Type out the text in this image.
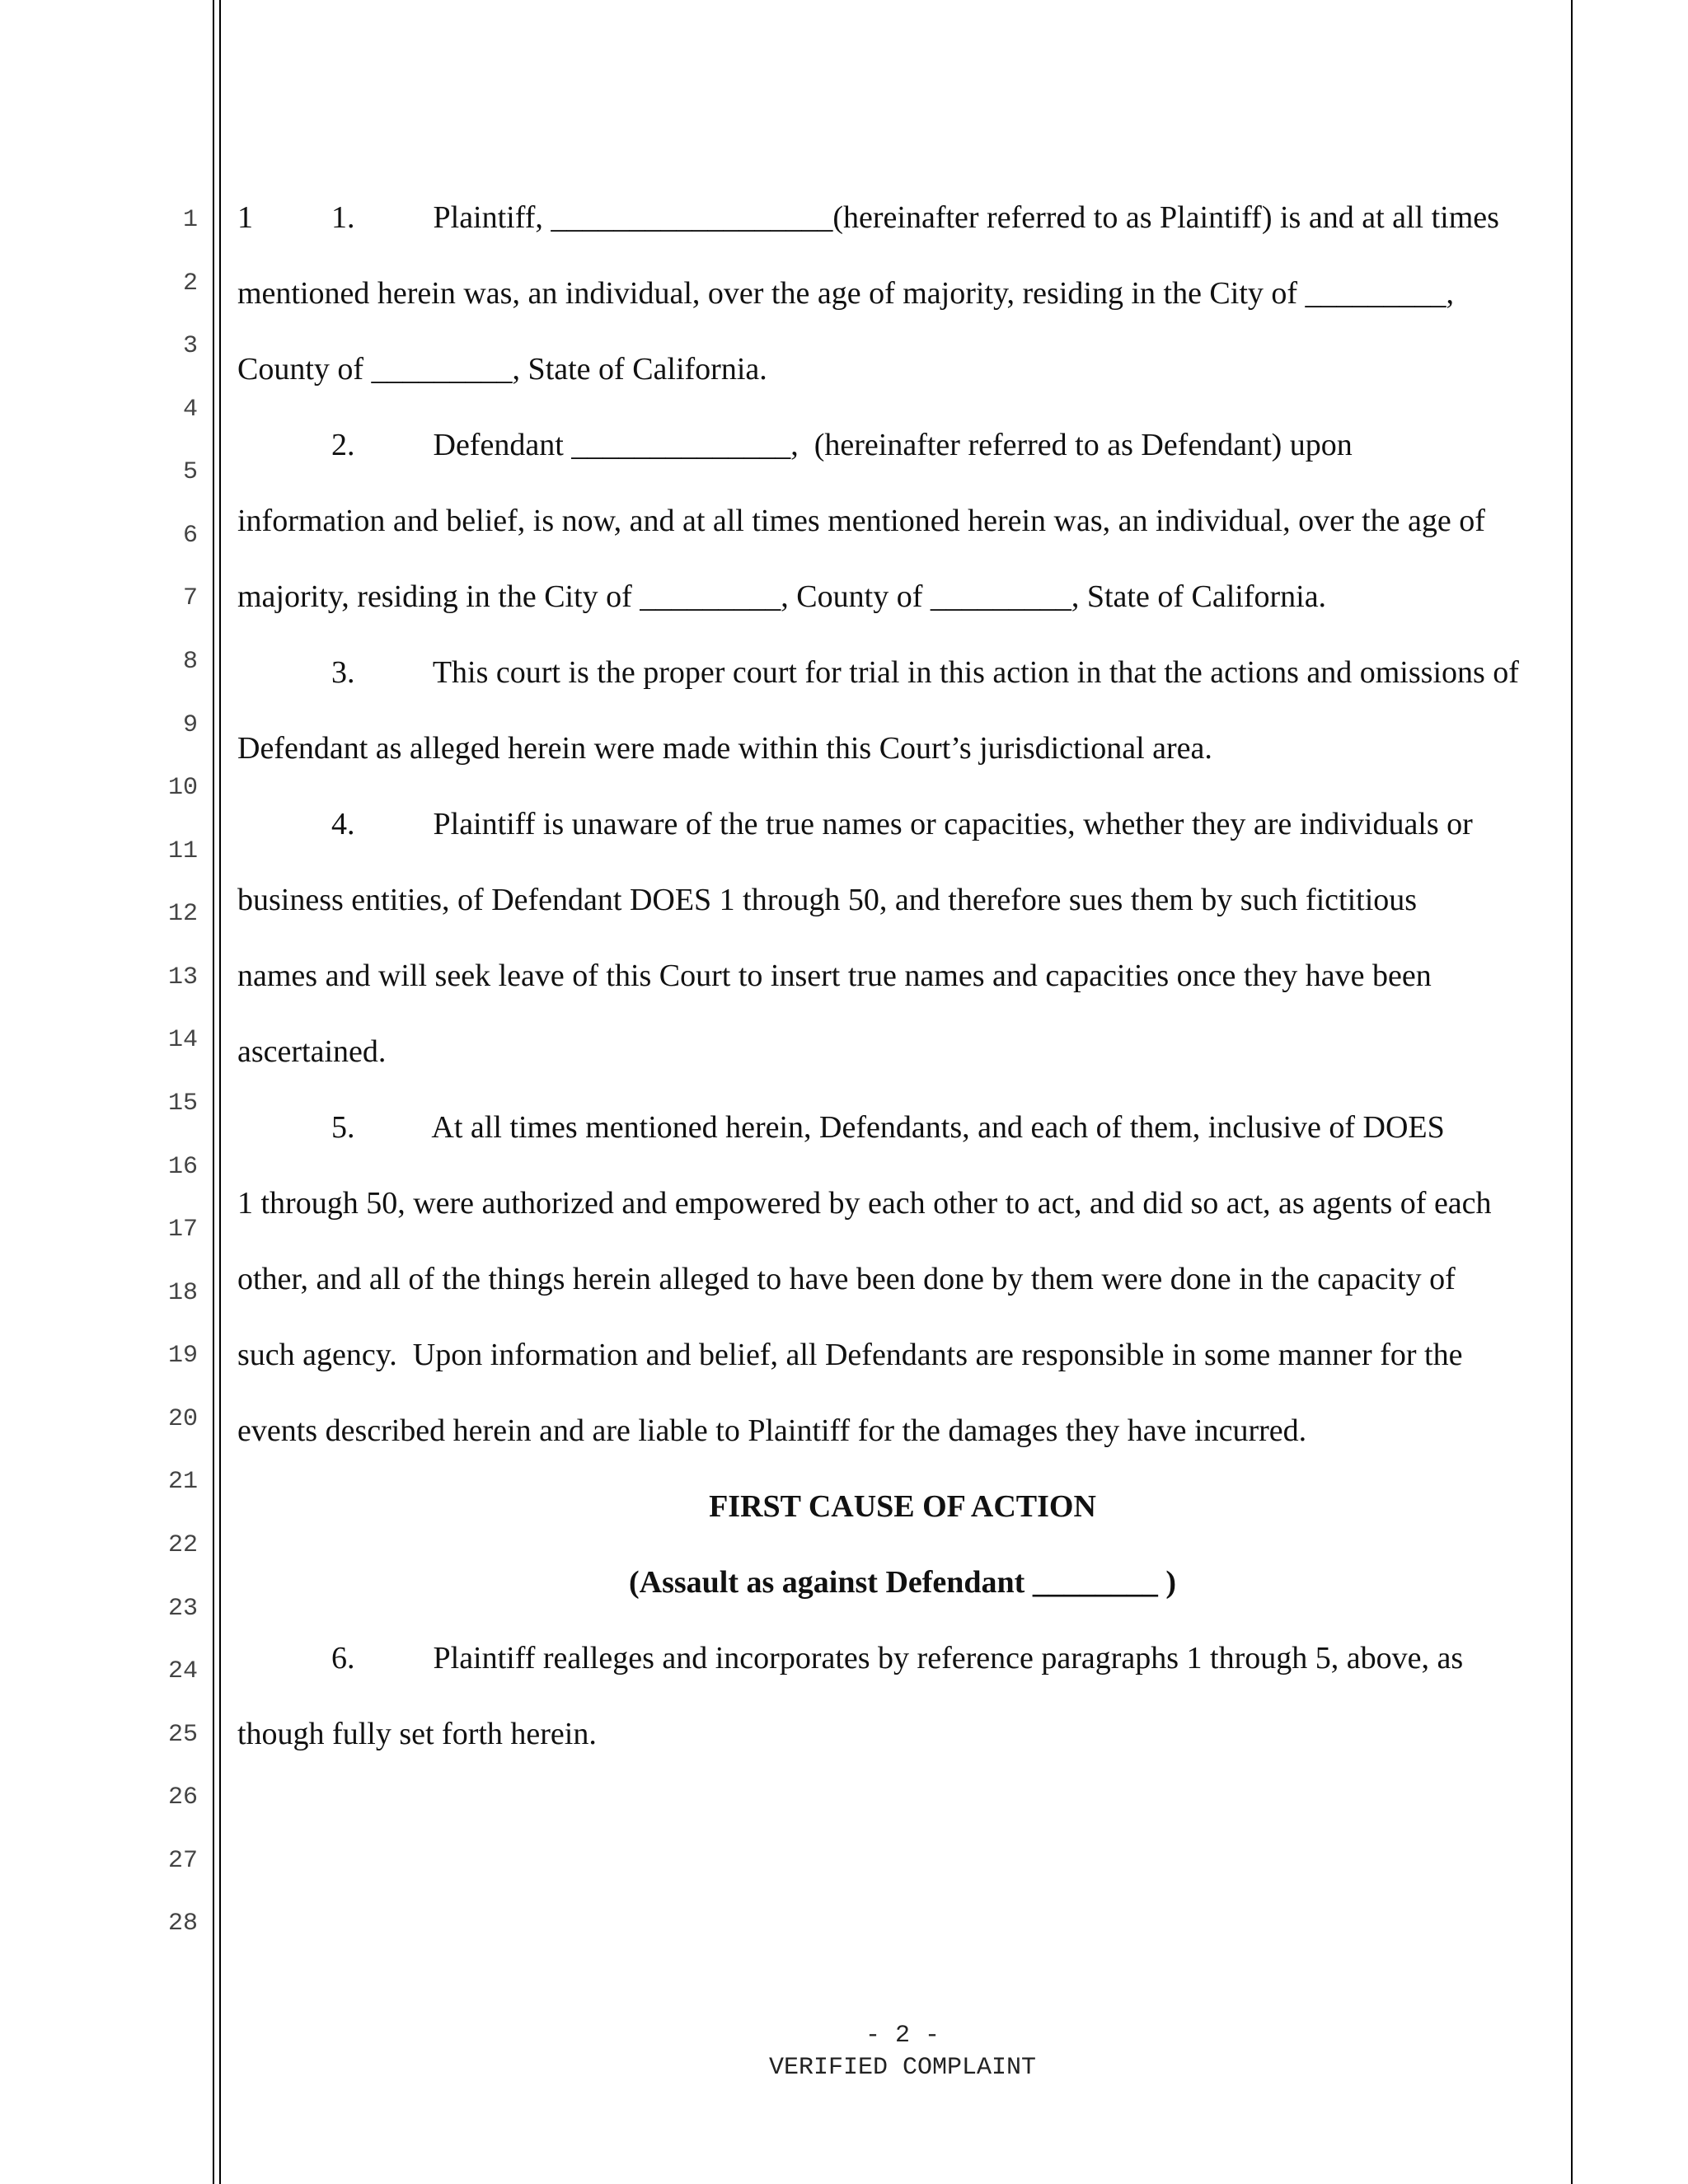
1
2
3
4
5
6
7
8
9
10
11
12
13
14
15
16
17
18
19
20
21
22
23
24
25
26
27
28
1          1.          Plaintiff, __________________(hereinafter referred to as Plaintiff) is and at all times
mentioned herein was, an individual, over the age of majority, residing in the City of _________,
County of _________, State of California.
2.          Defendant ______________,  (hereinafter referred to as Defendant) upon
information and belief, is now, and at all times mentioned herein was, an individual, over the age of
majority, residing in the City of _________, County of _________, State of California.
3.          This court is the proper court for trial in this action in that the actions and omissions of
Defendant as alleged herein were made within this Court’s jurisdictional area.
4.          Plaintiff is unaware of the true names or capacities, whether they are individuals or
business entities, of Defendant DOES 1 through 50, and therefore sues them by such fictitious
names and will seek leave of this Court to insert true names and capacities once they have been
ascertained.
5.          At all times mentioned herein, Defendants, and each of them, inclusive of DOES
1 through 50, were authorized and empowered by each other to act, and did so act, as agents of each
other, and all of the things herein alleged to have been done by them were done in the capacity of
such agency.  Upon information and belief, all Defendants are responsible in some manner for the
events described herein and are liable to Plaintiff for the damages they have incurred.
FIRST CAUSE OF ACTION
(Assault as against Defendant ________ )
6.          Plaintiff realleges and incorporates by reference paragraphs 1 through 5, above, as
though fully set forth herein.
- 2 -
VERIFIED COMPLAINT
